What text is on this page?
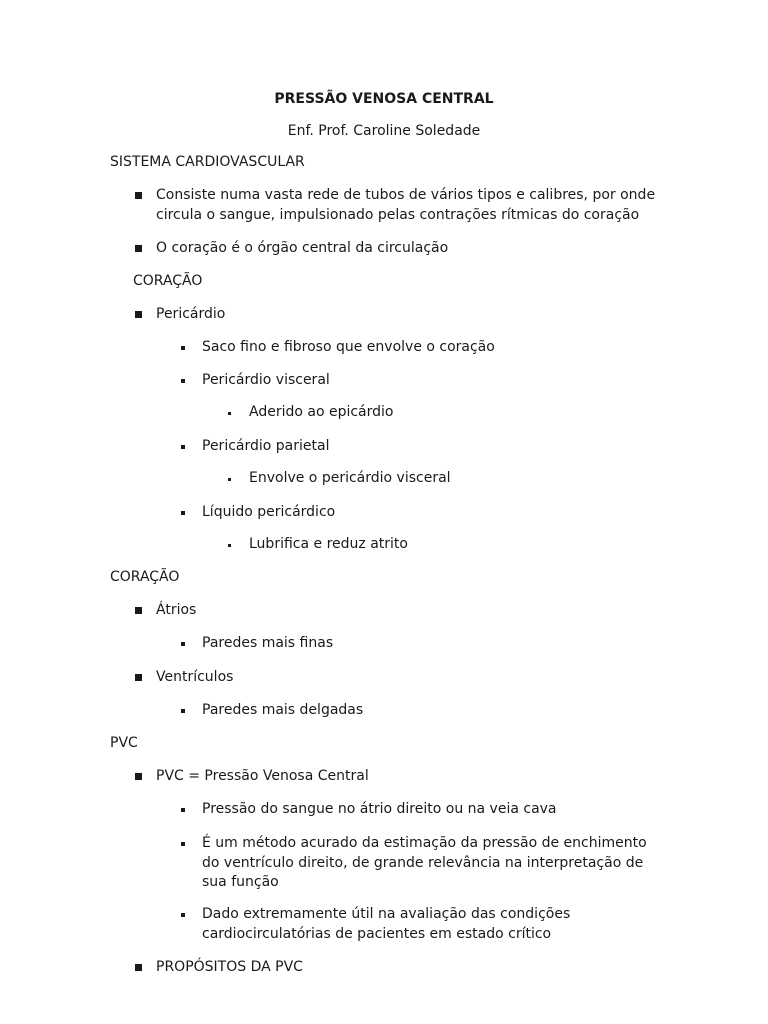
PRESSÃO VENOSA CENTRAL
Enf. Prof. Caroline Soledade
SISTEMA CARDIOVASCULAR
Consiste numa vasta rede de tubos de vários tipos e calibres, por onde
circula o sangue, impulsionado pelas contrações rítmicas do coração
O coração é o órgão central da circulação
CORAÇÃO
Pericárdio
Saco fino e fibroso que envolve o coração
Pericárdio visceral
Aderido ao epicárdio
Pericárdio parietal
Envolve o pericárdio visceral
Líquido pericárdico
Lubrifica e reduz atrito
CORAÇÃO
Átrios
Paredes mais finas
Ventrículos
Paredes mais delgadas
PVC
PVC = Pressão Venosa Central
Pressão do sangue no átrio direito ou na veia cava
É um método acurado da estimação da pressão de enchimento
do ventrículo direito, de grande relevância na interpretação de
sua função
Dado extremamente útil na avaliação das condições
cardiocirculatórias de pacientes em estado crítico
PROPÓSITOS DA PVC
